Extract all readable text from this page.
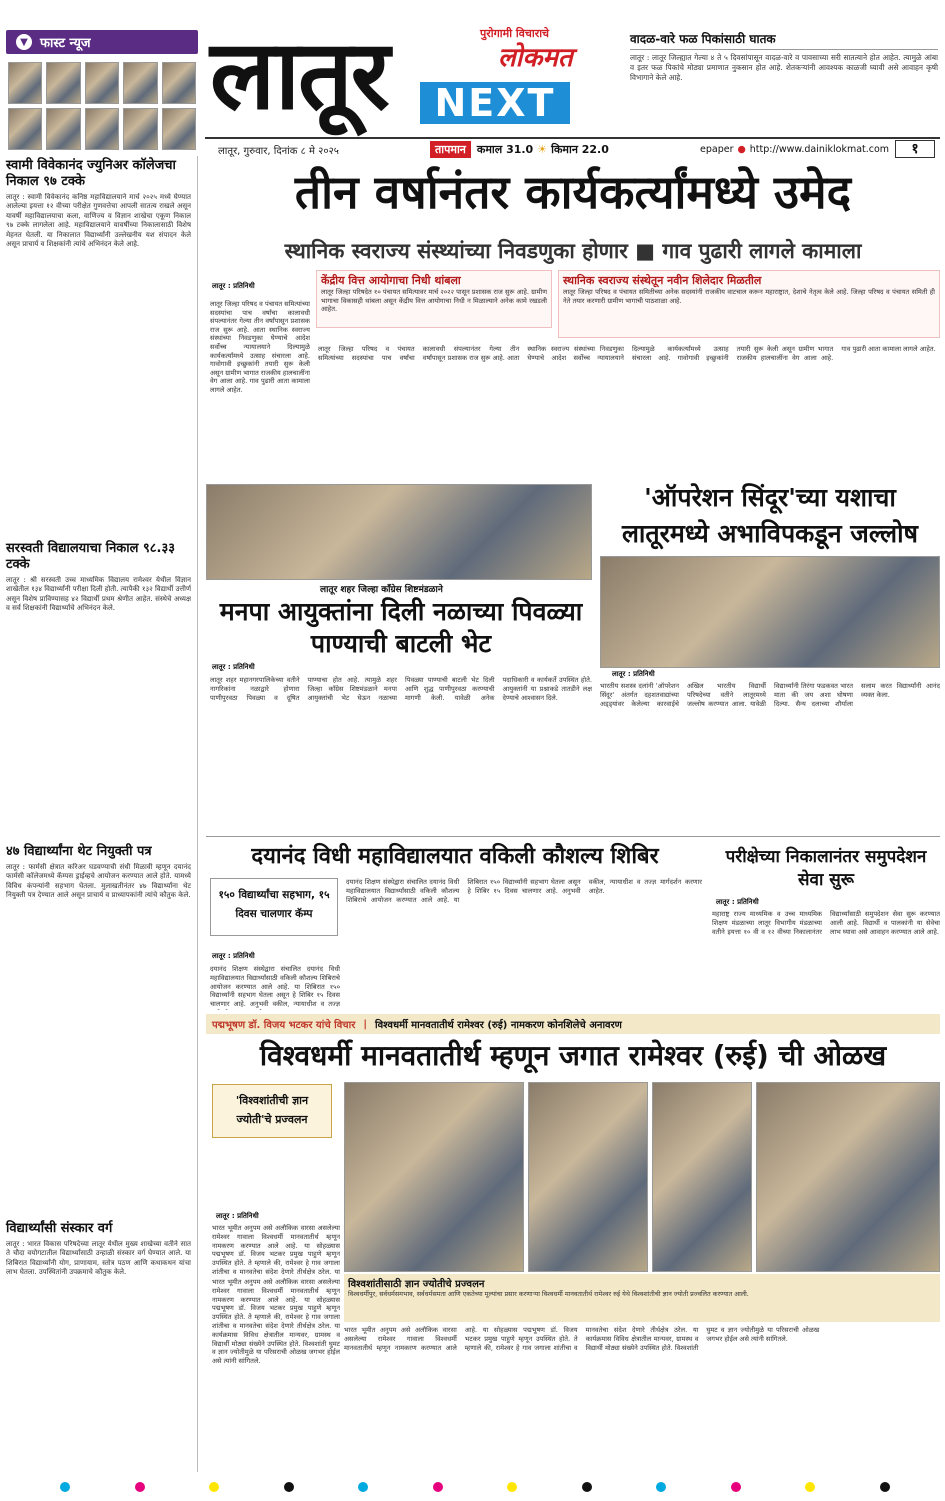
▼ फास्ट न्यूज लातूर	पुरोगामी विचाराचे
लोकमत
NEXT
लातूर, गुरुवार, दिनांक ८ मे २०२५	तापमान	कमाल 31.0 ☀ किमान 22.0	epaper ● http://www.dainiklokmat.com	१
वादळ-वारे फळ पिकांसाठी घातक
लातूर : लातूर जिल्ह्यात गेल्या ४ ते ५ दिवसांपासून वादळ-वारे व पावसाच्या सरी सातत्याने होत आहेत. त्यामुळे आंबा व इतर फळ पिकांचे मोठ्या प्रमाणात नुकसान होत आहे. शेतकऱ्यांनी आवश्यक काळजी घ्यावी असे आवाहन कृषी विभागाने केले आहे.
स्वामी विवेकानंद ज्युनिअर कॉलेजचा निकाल ९७ टक्के
लातूर : स्वामी विवेकानंद कनिष्ठ महाविद्यालयाने मार्च २०२५ मध्ये घेण्यात आलेल्या इयत्ता १२ वीच्या परीक्षेत गुणवत्तेचा आपली सातत्य राखले असून यावर्षी महाविद्यालयाचा कला, वाणिज्य व विज्ञान शाखेचा एकूण निकाल ९७ टक्के लागलेला आहे. महाविद्यालयाने यावर्षीच्या निकालासाठी विशेष मेहनत घेतली. या निकालात विद्यार्थ्यांनी उल्लेखनीय यश संपादन केले असून प्राचार्य व शिक्षकांनी त्यांचे अभिनंदन केले आहे.
सरस्वती विद्यालयाचा निकाल ९८.३३ टक्के
लातूर : श्री सरस्वती उच्च माध्यमिक विद्यालय रामेश्वर येथील विज्ञान शाखेतील १३४ विद्यार्थ्यांनी परीक्षा दिली होती. त्यापैकी १३२ विद्यार्थी उत्तीर्ण असून विशेष प्राविण्यासह ४२ विद्यार्थी प्रथम श्रेणीत आहेत. संस्थेचे अध्यक्ष व सर्व शिक्षकांनी विद्यार्थ्यांचे अभिनंदन केले.
४७ विद्यार्थ्यांना थेट नियुक्ती पत्र
लातूर : फार्मसी क्षेत्रात करिअर घडवण्याची संधी मिळावी म्हणून दयानंद फार्मसी कॉलेजमध्ये कॅम्पस ड्राईव्हचे आयोजन करण्यात आले होते. यामध्ये विविध कंपन्यांनी सहभाग घेतला. मुलाखतीनंतर ४७ विद्यार्थ्यांना थेट नियुक्ती पत्र देण्यात आले असून प्राचार्य व प्राध्यापकांनी त्यांचे कौतुक केले.
विद्यार्थ्यांसी संस्कार वर्ग
लातूर : भारत विकास परिषदेच्या लातूर येथील मुख्य शाखेच्या वतीने सात ते चौदा वयोगटातील विद्यार्थ्यांसाठी उन्हाळी संस्कार वर्ग घेण्यात आले. या शिबिरात विद्यार्थ्यांनी योग, प्राणायाम, स्तोत्र पठण आणि कथाकथन यांचा लाभ घेतला. उपस्थितांनी उपक्रमाचे कौतुक केले.
तीन वर्षानंतर कार्यकर्त्यांमध्ये उमेद
स्थानिक स्वराज्य संस्थ्यांच्या निवडणुका होणार ■ गाव पुढारी लागले कामाला
केंद्रीय वित्त आयोगाचा निधी थांबला
लातूर जिल्हा परिषदेत १० पंचायत समित्यावर मार्च २०२२ पासून प्रशासक राज सुरू आहे. ग्रामीण भागाचा विकासही थांबला असून केंद्रीय वित्त आयोगाचा निधी न मिळाल्याने अनेक कामे रखडली आहेत.
स्थानिक स्वराज्य संस्थेतून नवीन शिलेदार मिळतील
लातूर जिल्हा परिषद व पंचायत समितीच्या अनेक सदस्यांनी राजकीय वाटचाल करून महाराष्ट्रात, देशाचे नेतृत्व केले आहे. जिल्हा परिषद व पंचायत समिती ही नेते तयार करणारी ग्रामीण भागाची पाठशाळा आहे.
लातूर : प्रतिनिधी
लातूर जिल्हा परिषद व पंचायत समित्यांच्या सदस्यांचा पाच वर्षांचा कालावधी संपल्यानंतर गेल्या तीन वर्षांपासून प्रशासक राज सुरू आहे. आता स्थानिक स्वराज्य संस्थांच्या निवडणुका घेण्याचे आदेश सर्वोच्च न्यायालयाने दिल्यामुळे कार्यकर्त्यांमध्ये उत्साह संचारला आहे. गावोगावी इच्छुकांनी तयारी सुरू केली असून ग्रामीण भागात राजकीय हालचालींना वेग आला आहे. गाव पुढारी आता कामाला लागले आहेत.
लातूर जिल्हा परिषद व पंचायत समित्यांच्या सदस्यांचा पाच वर्षांचा कालावधी संपल्यानंतर गेल्या तीन वर्षांपासून प्रशासक राज सुरू आहे. आता स्थानिक स्वराज्य संस्थांच्या निवडणुका घेण्याचे आदेश सर्वोच्च न्यायालयाने दिल्यामुळे कार्यकर्त्यांमध्ये उत्साह संचारला आहे. गावोगावी इच्छुकांनी तयारी सुरू केली असून ग्रामीण भागात राजकीय हालचालींना वेग आला आहे. गाव पुढारी आता कामाला लागले आहेत.
लातूर शहर जिल्हा कॉंग्रेस शिष्टमंडळाने
मनपा आयुक्तांना दिली नळाच्या पिवळ्या पाण्याची बाटली भेट
लातूर : प्रतिनिधी
लातूर शहर महानगरपालिकेच्या वतीने नागरिकांना नळाद्वारे होणारा पाणीपुरवठा पिवळ्या व दूषित पाण्याचा होत आहे. त्यामुळे शहर जिल्हा कॉंग्रेस शिष्टमंडळाने मनपा आयुक्तांची भेट घेऊन नळाच्या पिवळ्या पाण्याची बाटली भेट दिली आणि शुद्ध पाणीपुरवठा करण्याची मागणी केली. यावेळी अनेक पदाधिकारी व कार्यकर्ते उपस्थित होते. आयुक्तांनी या प्रश्नाकडे तातडीने लक्ष देण्याचे आश्वासन दिले.
'ऑपरेशन सिंदूर'च्या यशाचा लातूरमध्ये अभाविपकडून जल्लोष
लातूर : प्रतिनिधी
भारतीय सशस्त्र दलांनी 'ऑपरेशन सिंदूर' अंतर्गत दहशतवाद्यांच्या अड्ड्यांवर केलेल्या कारवाईचे अखिल भारतीय विद्यार्थी परिषदेच्या वतीने लातूरमध्ये जल्लोष करण्यात आला. यावेळी विद्यार्थ्यांनी तिरंगा फडकवत भारत माता की जय अशा घोषणा दिल्या. सैन्य दलाच्या शौर्याला सलाम करत विद्यार्थ्यांनी आनंद व्यक्त केला.
दयानंद विधी महाविद्यालयात वकिली कौशल्य शिबिर
१५० विद्यार्थ्यांचा सहभाग, १५ दिवस चालणार कॅम्प
लातूर : प्रतिनिधी
दयानंद शिक्षण संस्थेद्वारा संचालित दयानंद विधी महाविद्यालयात विद्यार्थ्यांसाठी वकिली कौशल्य शिबिराचे आयोजन करण्यात आले आहे. या शिबिरात १५० विद्यार्थ्यांनी सहभाग घेतला असून हे शिबिर १५ दिवस चालणार आहे. अनुभवी वकील, न्यायाधीश व तज्ज्ञ मार्गदर्शन करणार आहेत.
दयानंद शिक्षण संस्थेद्वारा संचालित दयानंद विधी महाविद्यालयात विद्यार्थ्यांसाठी वकिली कौशल्य शिबिराचे आयोजन करण्यात आले आहे. या शिबिरात १५० विद्यार्थ्यांनी सहभाग घेतला असून हे शिबिर १५ दिवस चालणार आहे. अनुभवी वकील, न्यायाधीश व तज्ज्ञ
परीक्षेच्या निकालानंतर समुपदेशन सेवा सुरू
लातूर : प्रतिनिधी
महाराष्ट्र राज्य माध्यमिक व उच्च माध्यमिक शिक्षण मंडळाच्या लातूर विभागीय मंडळाच्या वतीने इयत्ता १० वी व १२ वीच्या निकालानंतर विद्यार्थ्यांसाठी समुपदेशन सेवा सुरू करण्यात आली आहे. विद्यार्थी व पालकांनी या सेवेचा लाभ घ्यावा असे आवाहन करण्यात आले आहे.
पद्मभूषण डॉ. विजय भटकर यांचे विचार | विश्वधर्मी मानवतातीर्थ रामेश्वर (रुई) नामकरण कोनशिलेचे अनावरण
विश्वधर्मी मानवतातीर्थ म्हणून जगात रामेश्वर (रुई) ची ओळख
'विश्वशांतीची ज्ञान ज्योती'चे प्रज्वलन
लातूर : प्रतिनिधी
भारत भूमीत अनुपम असे अलौकिक वारसा असलेल्या रामेश्वर गावाला विश्वधर्मी मानवतातीर्थ म्हणून नामकरण करण्यात आले आहे. या सोहळ्यास पद्मभूषण डॉ. विजय भटकर प्रमुख पाहुणे म्हणून उपस्थित होते. ते म्हणाले की, रामेश्वर हे गाव जगाला शांतीचा व मानवतेचा संदेश देणारे तीर्थक्षेत्र ठरेल. या
विश्वशांतीसाठी ज्ञान ज्योतीचे प्रज्वलन
विश्वधर्मीपुर, सर्वधर्मसमभाव, सर्वधर्मसमता आणि एकतेच्या मूल्यांचा प्रसार करणाऱ्या विश्वधर्मी मानवतातीर्थ रामेश्वर रुई येथे विश्वशांतीची ज्ञान ज्योती प्रज्वलित करण्यात आली.
भारत भूमीत अनुपम असे अलौकिक वारसा असलेल्या रामेश्वर गावाला विश्वधर्मी मानवतातीर्थ म्हणून नामकरण करण्यात आले आहे. या सोहळ्यास पद्मभूषण डॉ. विजय भटकर प्रमुख पाहुणे म्हणून उपस्थित होते. ते म्हणाले की, रामेश्वर हे गाव जगाला शांतीचा व मानवतेचा संदेश देणारे तीर्थक्षेत्र ठरेल. या कार्यक्रमास विविध क्षेत्रातील मान्यवर, ग्रामस्थ व विद्यार्थी मोठ्या संख्येने उपस्थित होते. विश्वशांती घुमट व ज्ञान ज्योतीमुळे या परिसराची ओळख जगभर होईल असे त्यांनी सांगितले.
भारत भूमीत अनुपम असे अलौकिक वारसा असलेल्या रामेश्वर गावाला विश्वधर्मी मानवतातीर्थ म्हणून नामकरण करण्यात आले आहे. या सोहळ्यास पद्मभूषण डॉ. विजय भटकर प्रमुख पाहुणे म्हणून उपस्थित होते. ते म्हणाले की, रामेश्वर हे गाव जगाला शांतीचा व मानवतेचा संदेश देणारे तीर्थक्षेत्र ठरेल. या कार्यक्रमास विविध क्षेत्रातील मान्यवर, ग्रामस्थ व विद्यार्थी मोठ्या संख्येने उपस्थित होते. विश्वशांती घुमट व ज्ञान ज्योतीमुळे या परिसराची ओळख जगभर होईल असे त्यांनी सांगितले.
